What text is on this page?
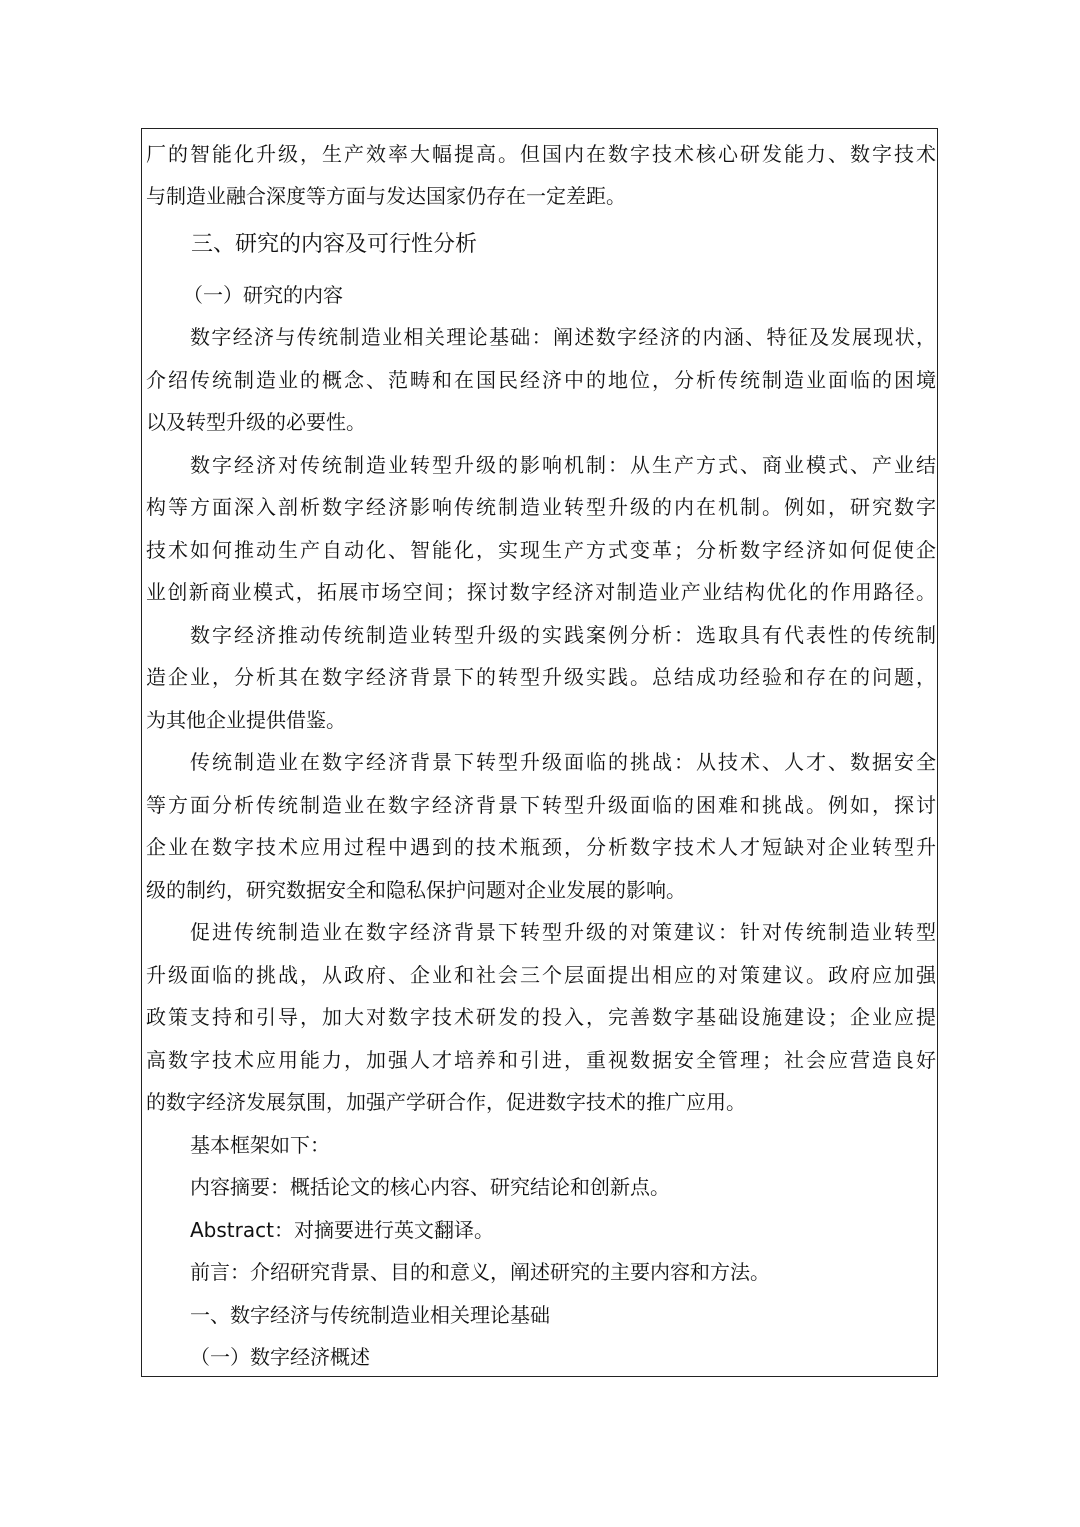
厂的智能化升级，生产效率大幅提高。但国内在数字技术核心研发能力、数字技术

与制造业融合深度等方面与发达国家仍存在一定差距。

三、研究的内容及可行性分析

（一）研究的内容

数字经济与传统制造业相关理论基础：阐述数字经济的内涵、特征及发展现状，

介绍传统制造业的概念、范畴和在国民经济中的地位，分析传统制造业面临的困境

以及转型升级的必要性。

数字经济对传统制造业转型升级的影响机制：从生产方式、商业模式、产业结

构等方面深入剖析数字经济影响传统制造业转型升级的内在机制。例如，研究数字

技术如何推动生产自动化、智能化，实现生产方式变革；分析数字经济如何促使企

业创新商业模式，拓展市场空间；探讨数字经济对制造业产业结构优化的作用路径。

数字经济推动传统制造业转型升级的实践案例分析：选取具有代表性的传统制

造企业，分析其在数字经济背景下的转型升级实践。总结成功经验和存在的问题，

为其他企业提供借鉴。

传统制造业在数字经济背景下转型升级面临的挑战：从技术、人才、数据安全

等方面分析传统制造业在数字经济背景下转型升级面临的困难和挑战。例如，探讨

企业在数字技术应用过程中遇到的技术瓶颈，分析数字技术人才短缺对企业转型升

级的制约，研究数据安全和隐私保护问题对企业发展的影响。

促进传统制造业在数字经济背景下转型升级的对策建议：针对传统制造业转型

升级面临的挑战，从政府、企业和社会三个层面提出相应的对策建议。政府应加强

政策支持和引导，加大对数字技术研发的投入，完善数字基础设施建设；企业应提

高数字技术应用能力，加强人才培养和引进，重视数据安全管理；社会应营造良好

的数字经济发展氛围，加强产学研合作，促进数字技术的推广应用。

基本框架如下：

内容摘要：概括论文的核心内容、研究结论和创新点。

Abstract：对摘要进行英文翻译。

前言：介绍研究背景、目的和意义，阐述研究的主要内容和方法。

一、数字经济与传统制造业相关理论基础

（一）数字经济概述
